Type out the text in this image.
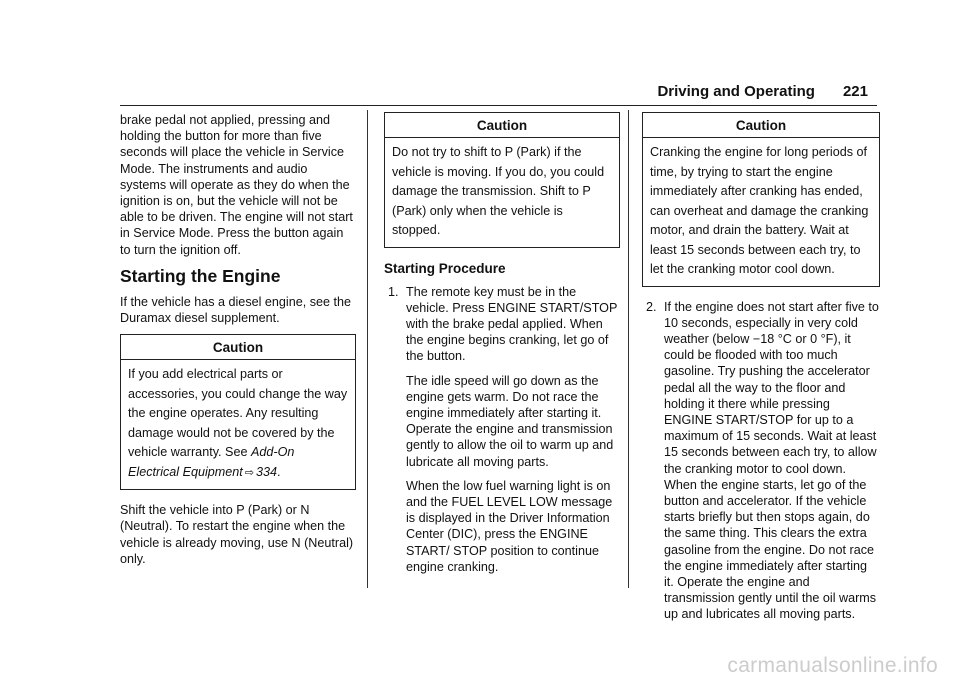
Driving and Operating 221

brake pedal not applied, pressing and holding the button for more than five seconds will place the vehicle in Service Mode. The instruments and audio systems will operate as they do when the ignition is on, but the vehicle will not be able to be driven. The engine will not start in Service Mode. Press the button again to turn the ignition off.

Starting the Engine

If the vehicle has a diesel engine, see the Duramax diesel supplement.

Caution
If you add electrical parts or accessories, you could change the way the engine operates. Any resulting damage would not be covered by the vehicle warranty. See Add-On Electrical Equipment ⇨ 334.

Shift the vehicle into P (Park) or N (Neutral). To restart the engine when the vehicle is already moving, use N (Neutral) only.

Caution
Do not try to shift to P (Park) if the vehicle is moving. If you do, you could damage the transmission. Shift to P (Park) only when the vehicle is stopped.
Starting Procedure
1. The remote key must be in the vehicle. Press ENGINE START/STOP with the brake pedal applied. When the engine begins cranking, let go of the button.

The idle speed will go down as the engine gets warm. Do not race the engine immediately after starting it. Operate the engine and transmission gently to allow the oil to warm up and lubricate all moving parts.

When the low fuel warning light is on and the FUEL LEVEL LOW message is displayed in the Driver Information Center (DIC), press the ENGINE START/ STOP position to continue engine cranking.

Caution
Cranking the engine for long periods of time, by trying to start the engine immediately after cranking has ended, can overheat and damage the cranking motor, and drain the battery. Wait at least 15 seconds between each try, to let the cranking motor cool down.
2. If the engine does not start after five to 10 seconds, especially in very cold weather (below −18 °C or 0 °F), it could be flooded with too much gasoline. Try pushing the accelerator pedal all the way to the floor and holding it there while pressing ENGINE START/STOP for up to a maximum of 15 seconds. Wait at least 15 seconds between each try, to allow the cranking motor to cool down. When the engine starts, let go of the button and accelerator. If the vehicle starts briefly but then stops again, do the same thing. This clears the extra gasoline from the engine. Do not race the engine immediately after starting it. Operate the engine and transmission gently until the oil warms up and lubricates all moving parts.

carmanualsonline.info
